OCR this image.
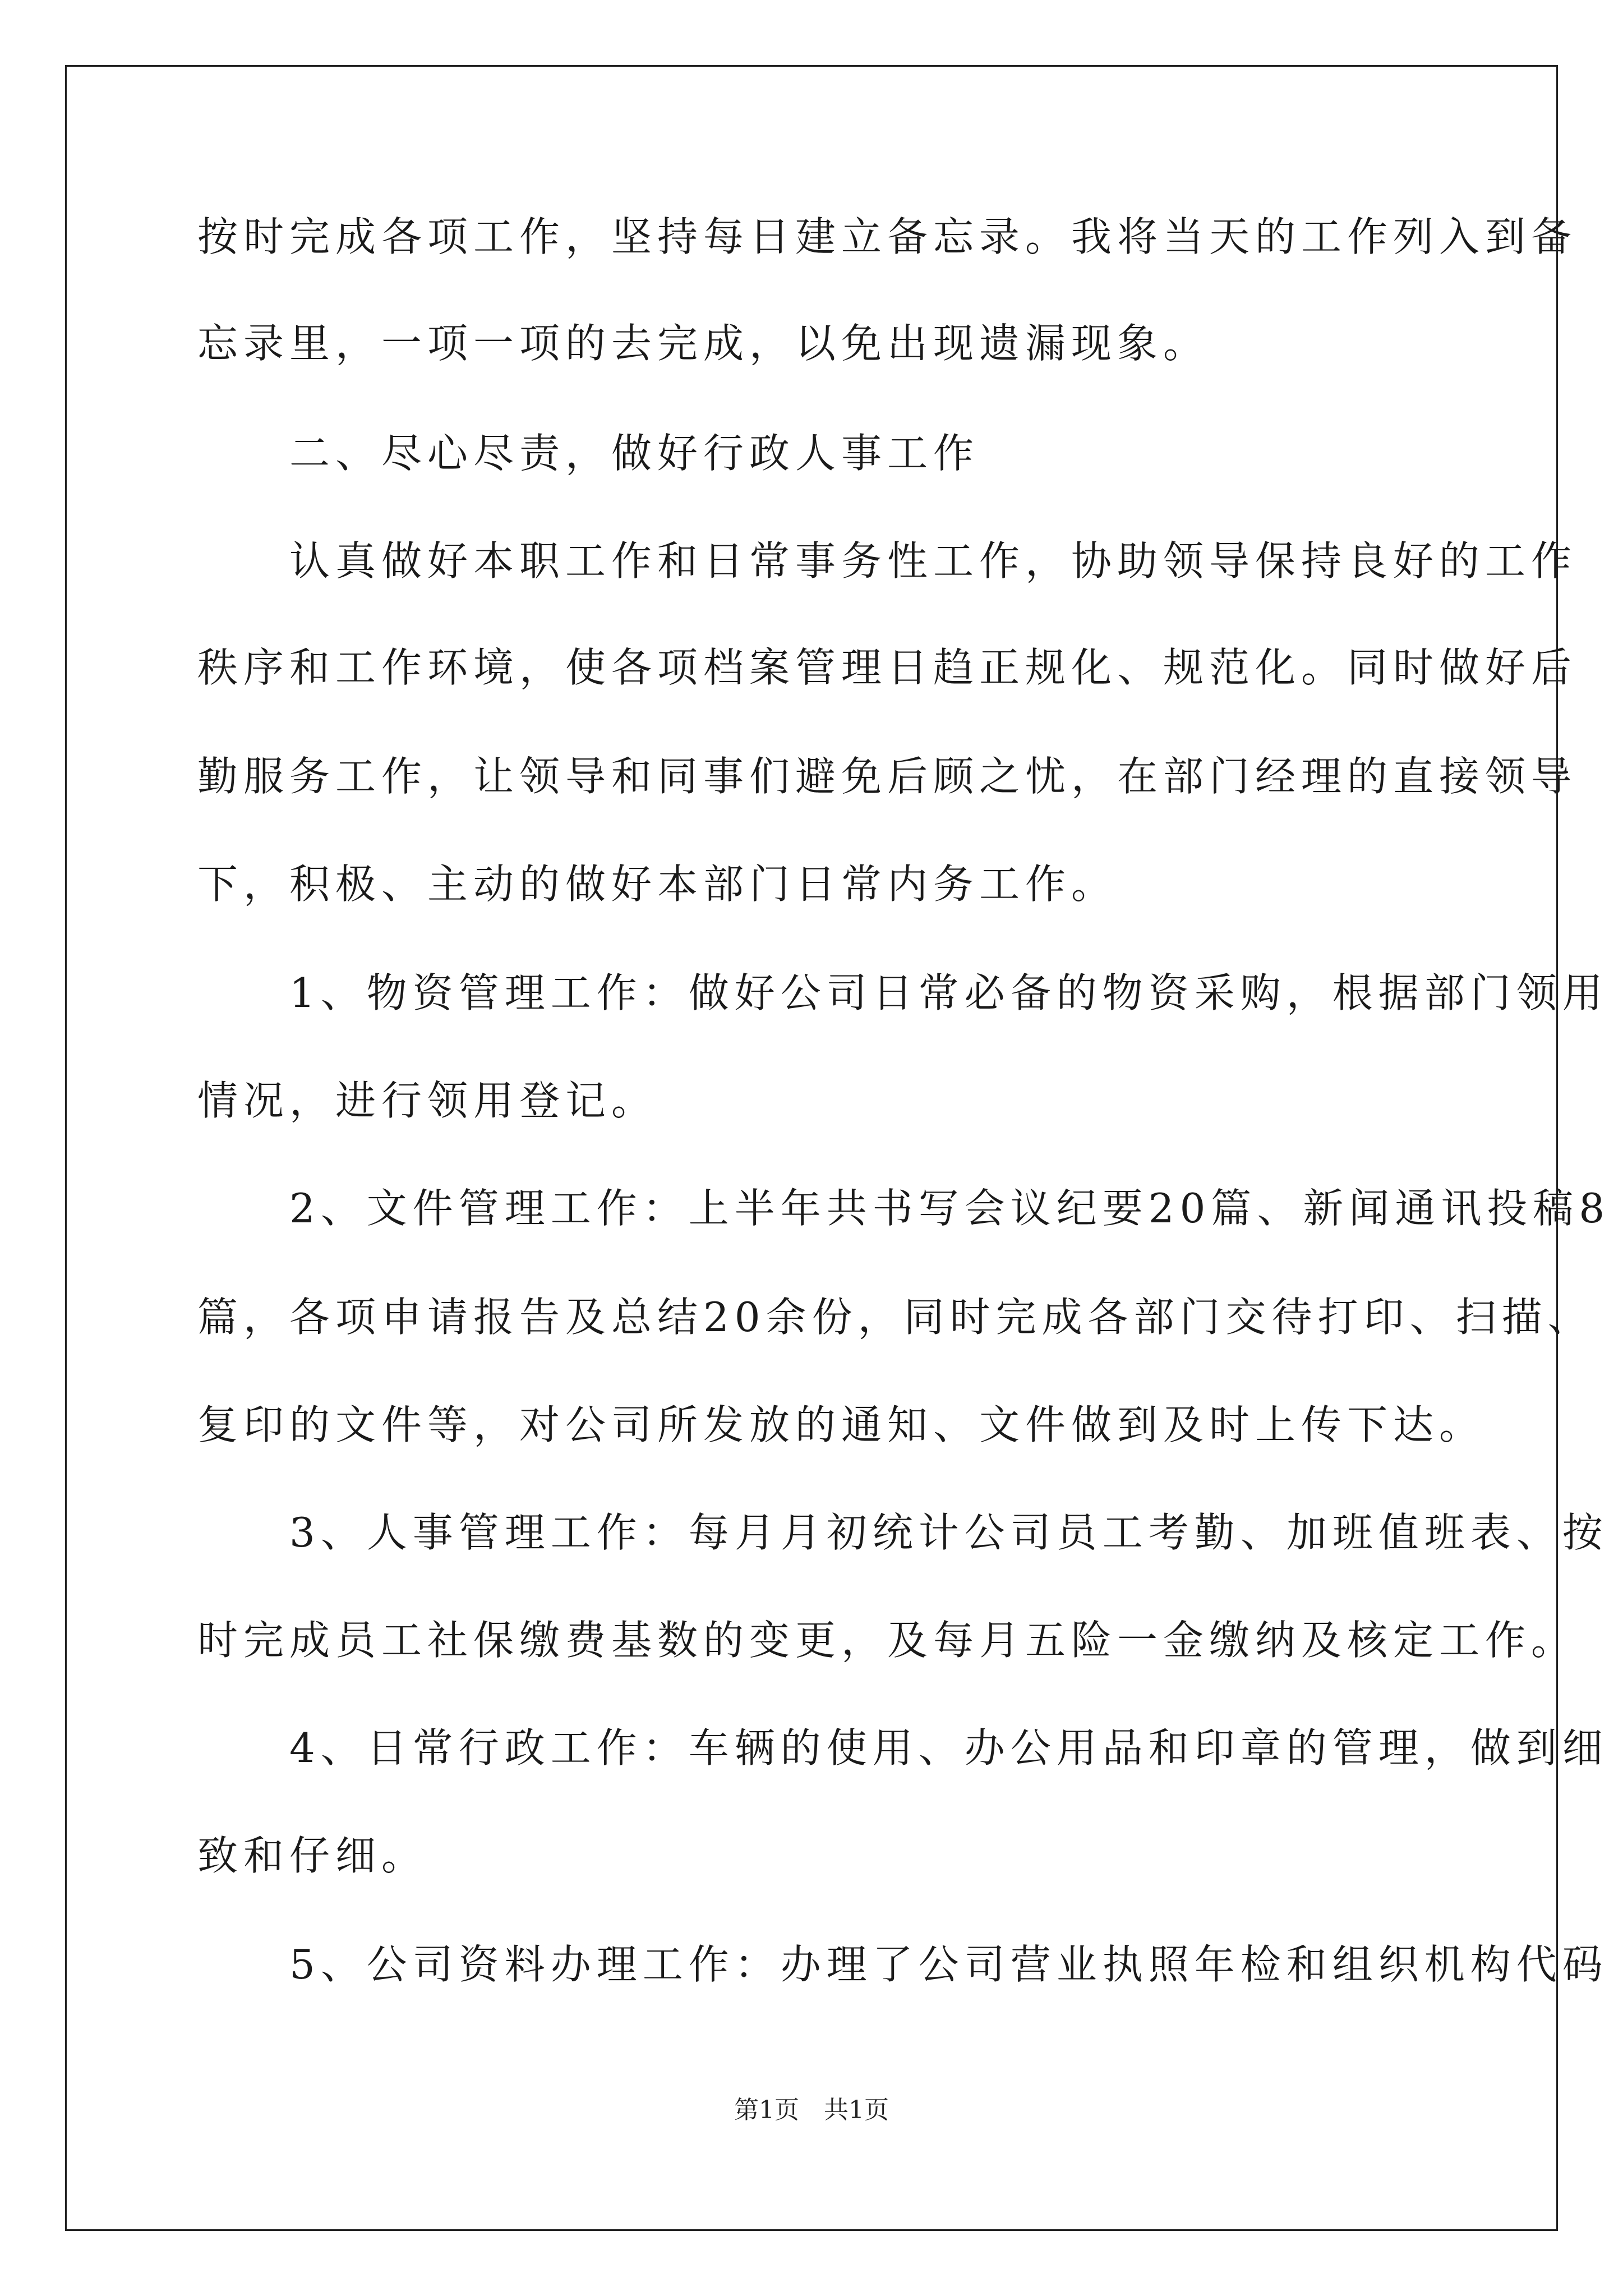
按时完成各项工作，坚持每日建立备忘录。我将当天的工作列入到备
忘录里，一项一项的去完成，以免出现遗漏现象。
　　二、尽心尽责，做好行政人事工作
　　认真做好本职工作和日常事务性工作，协助领导保持良好的工作
秩序和工作环境，使各项档案管理日趋正规化、规范化。同时做好后
勤服务工作，让领导和同事们避免后顾之忧，在部门经理的直接领导
下，积极、主动的做好本部门日常内务工作。
　　1、物资管理工作：做好公司日常必备的物资采购，根据部门领用
情况，进行领用登记。
　　2、文件管理工作：上半年共书写会议纪要20篇、新闻通讯投稿8
篇，各项申请报告及总结20余份，同时完成各部门交待打印、扫描、
复印的文件等，对公司所发放的通知、文件做到及时上传下达。
　　3、人事管理工作：每月月初统计公司员工考勤、加班值班表、按
时完成员工社保缴费基数的变更，及每月五险一金缴纳及核定工作。
　　4、日常行政工作：车辆的使用、办公用品和印章的管理，做到细
致和仔细。
　　5、公司资料办理工作：办理了公司营业执照年检和组织机构代码
第1页　共1页
